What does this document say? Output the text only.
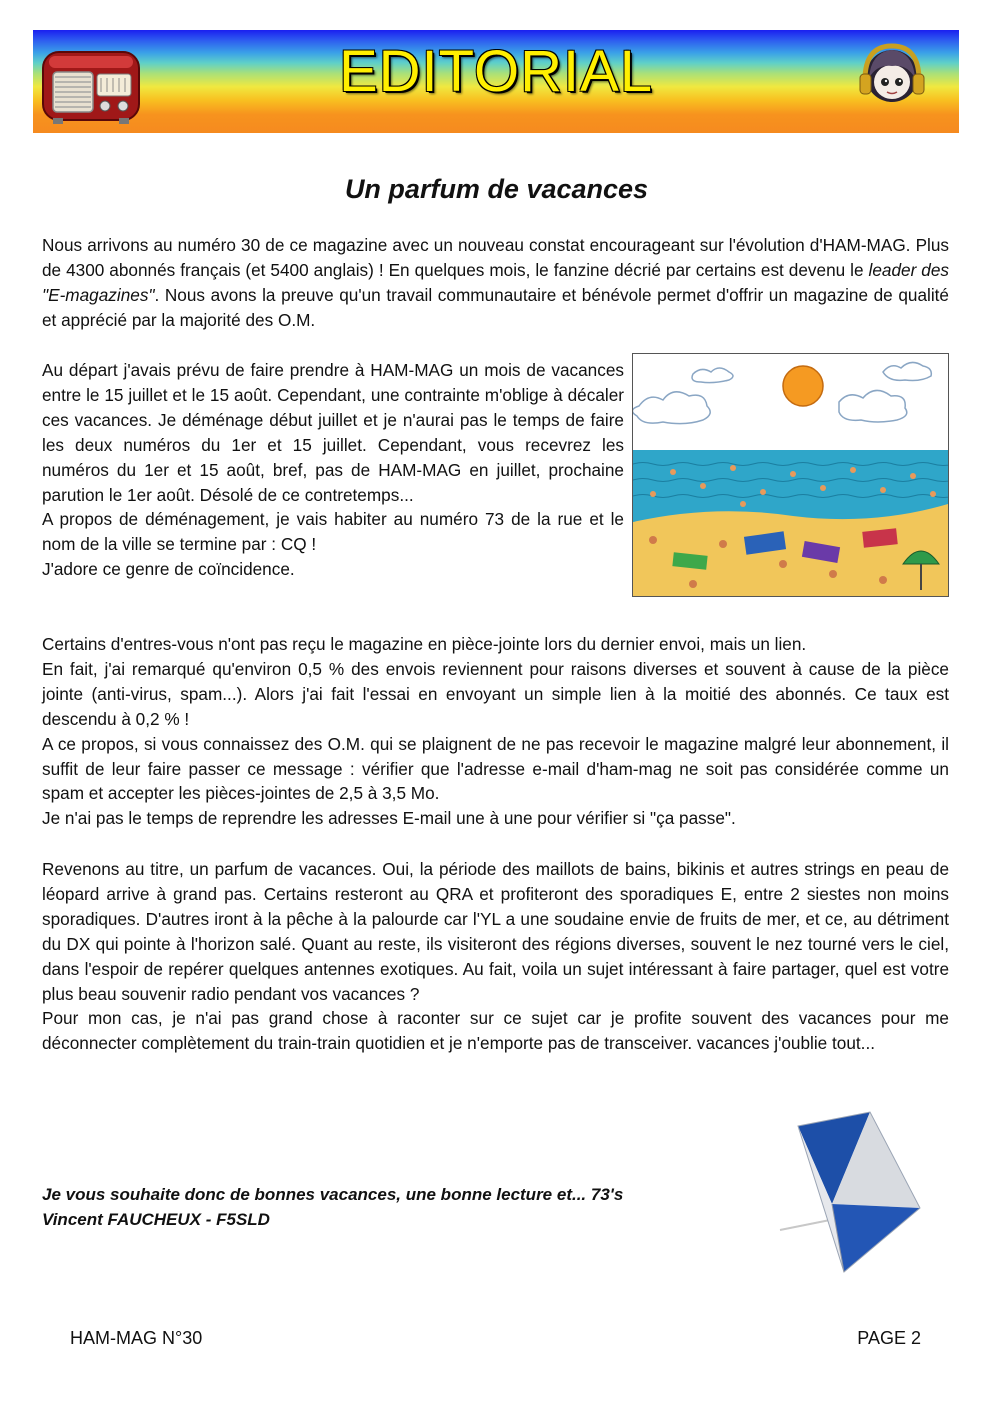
EDITORIAL
Un parfum de vacances

Nous arrivons au numéro 30 de ce magazine avec un nouveau constat encourageant sur l'évolution d'HAM-MAG. Plus de 4300 abonnés français (et 5400 anglais) ! En quelques mois, le fanzine décrié par certains est devenu le leader des "E-magazines". Nous avons la preuve qu'un travail communautaire et bénévole permet d'offrir un magazine de qualité et apprécié par la majorité des O.M.

Au départ j'avais prévu de faire prendre à HAM-MAG un mois de vacances entre le 15 juillet et le 15 août. Cependant, une contrainte m'oblige à décaler ces vacances. Je déménage début juillet et je n'aurai pas le temps de faire les deux numéros du 1er et 15 juillet. Cependant, vous recevrez les numéros du 1er et 15 août, bref, pas de HAM-MAG en juillet, prochaine parution le 1er août. Désolé de ce contretemps...

A propos de déménagement, je vais habiter au numéro 73 de la rue et le nom de la ville se termine par : CQ !

J'adore ce genre de coïncidence.

Certains d'entres-vous n'ont pas reçu le magazine en pièce-jointe lors du dernier envoi, mais un lien.

En fait, j'ai remarqué qu'environ 0,5 % des envois reviennent pour raisons diverses et souvent à cause de la pièce jointe (anti-virus, spam...). Alors j'ai fait l'essai en envoyant un simple lien à la moitié des abonnés. Ce taux est descendu à 0,2 % !

A ce propos, si vous connaissez des O.M. qui se plaignent de ne pas recevoir le magazine malgré leur abonnement, il suffit de leur faire passer ce message : vérifier que l'adresse e-mail d'ham-mag ne soit pas considérée comme un spam et accepter les pièces-jointes de 2,5 à 3,5 Mo.

Je n'ai pas le temps de reprendre les adresses E-mail une à une pour vérifier si "ça passe".

Revenons au titre, un parfum de vacances. Oui, la période des maillots de bains, bikinis et autres strings en peau de léopard arrive à grand pas. Certains resteront au QRA et profiteront des sporadiques E, entre 2 siestes non moins sporadiques. D'autres iront à la pêche à la palourde car l'YL a une soudaine envie de fruits de mer, et ce, au détriment du DX qui pointe à l'horizon salé. Quant au reste, ils visiteront des régions diverses, souvent le nez tourné vers le ciel, dans l'espoir de repérer quelques antennes exotiques. Au fait, voila un sujet intéressant à faire partager, quel est votre plus beau souvenir radio pendant vos vacances ?

Pour mon cas, je n'ai pas grand chose à raconter sur ce sujet car je profite souvent des vacances pour me déconnecter complètement du train-train quotidien et je n'emporte pas de transceiver. vacances j'oublie tout...

Je vous souhaite donc de bonnes vacances, une bonne lecture et... 73's
Vincent FAUCHEUX - F5SLD
HAM-MAG N°30	PAGE 2
